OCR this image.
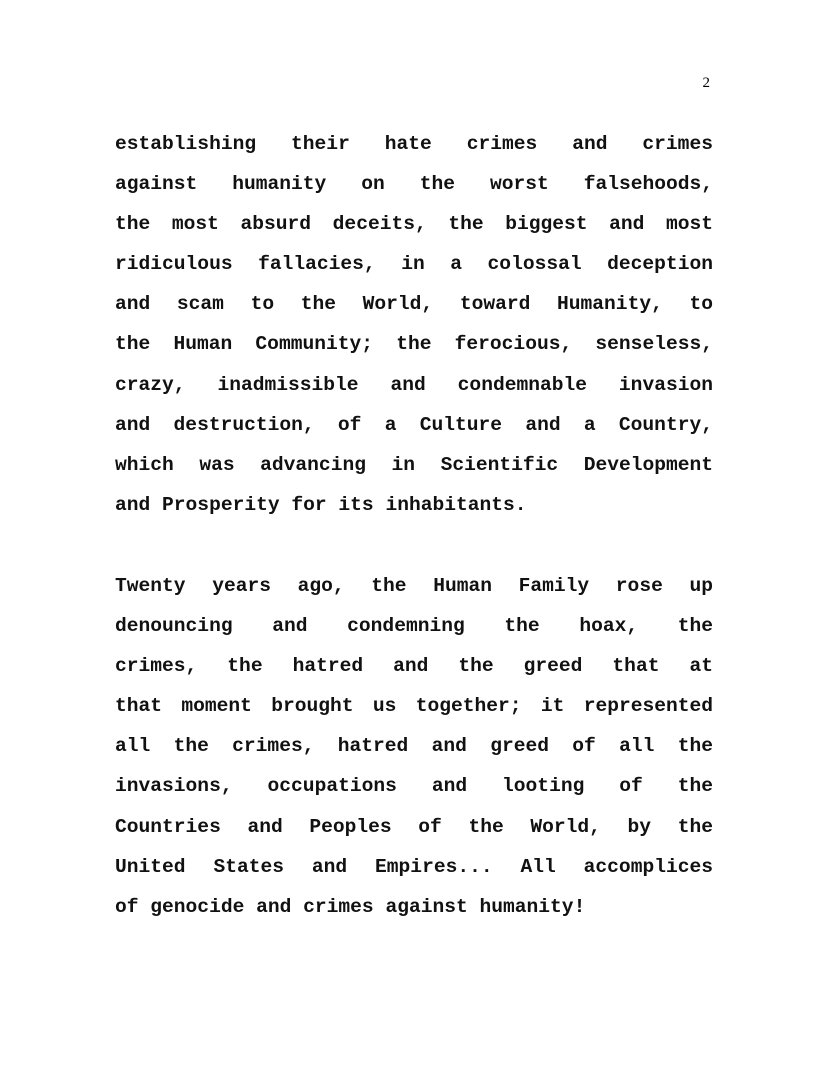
2
establishing their hate crimes and crimes
against humanity on the worst falsehoods,
the most absurd deceits, the biggest and most
ridiculous fallacies, in a colossal deception
and scam to the World, toward Humanity, to
the Human Community; the ferocious, senseless,
crazy, inadmissible and condemnable invasion
and destruction, of a Culture and a Country,
which was advancing in Scientific Development
and Prosperity for its inhabitants.
Twenty years ago, the Human Family rose up
denouncing and condemning the hoax, the
crimes, the hatred and the greed that at
that moment brought us together; it represented
all the crimes, hatred and greed of all the
invasions, occupations and looting of the
Countries and Peoples of the World, by the
United States and Empires... All accomplices
of genocide and crimes against humanity!
